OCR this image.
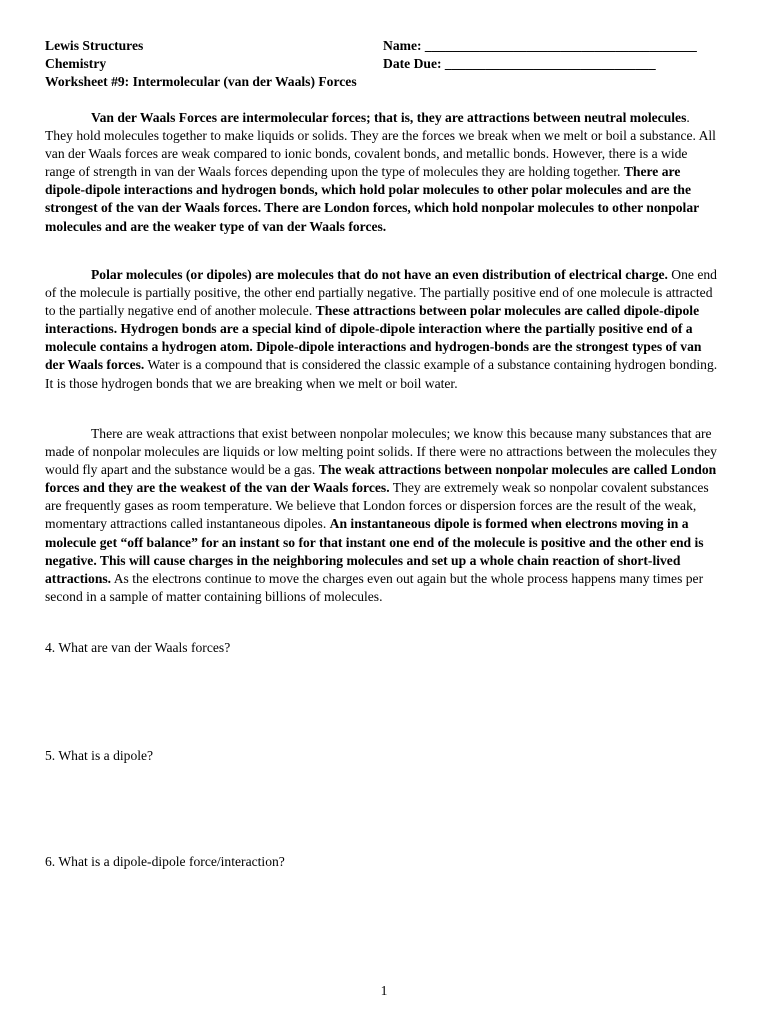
Lewis Structures
Chemistry
Worksheet #9: Intermolecular (van der Waals) Forces
Name: ________________________________________
Date Due: _______________________________
Van der Waals Forces are intermolecular forces; that is, they are attractions between neutral molecules. They hold molecules together to make liquids or solids. They are the forces we break when we melt or boil a substance. All van der Waals forces are weak compared to ionic bonds, covalent bonds, and metallic bonds. However, there is a wide range of strength in van der Waals forces depending upon the type of molecules they are holding together. There are dipole-dipole interactions and hydrogen bonds, which hold polar molecules to other polar molecules and are the strongest of the van der Waals forces. There are London forces, which hold nonpolar molecules to other nonpolar molecules and are the weaker type of van der Waals forces.
Polar molecules (or dipoles) are molecules that do not have an even distribution of electrical charge. One end of the molecule is partially positive, the other end partially negative. The partially positive end of one molecule is attracted to the partially negative end of another molecule. These attractions between polar molecules are called dipole-dipole interactions. Hydrogen bonds are a special kind of dipole-dipole interaction where the partially positive end of a molecule contains a hydrogen atom. Dipole-dipole interactions and hydrogen-bonds are the strongest types of van der Waals forces. Water is a compound that is considered the classic example of a substance containing hydrogen bonding. It is those hydrogen bonds that we are breaking when we melt or boil water.
There are weak attractions that exist between nonpolar molecules; we know this because many substances that are made of nonpolar molecules are liquids or low melting point solids. If there were no attractions between the molecules they would fly apart and the substance would be a gas. The weak attractions between nonpolar molecules are called London forces and they are the weakest of the van der Waals forces. They are extremely weak so nonpolar covalent substances are frequently gases as room temperature. We believe that London forces or dispersion forces are the result of the weak, momentary attractions called instantaneous dipoles. An instantaneous dipole is formed when electrons moving in a molecule get “off balance” for an instant so for that instant one end of the molecule is positive and the other end is negative. This will cause charges in the neighboring molecules and set up a whole chain reaction of short-lived attractions. As the electrons continue to move the charges even out again but the whole process happens many times per second in a sample of matter containing billions of molecules.
4. What are van der Waals forces?
5. What is a dipole?
6. What is a dipole-dipole force/interaction?
1
